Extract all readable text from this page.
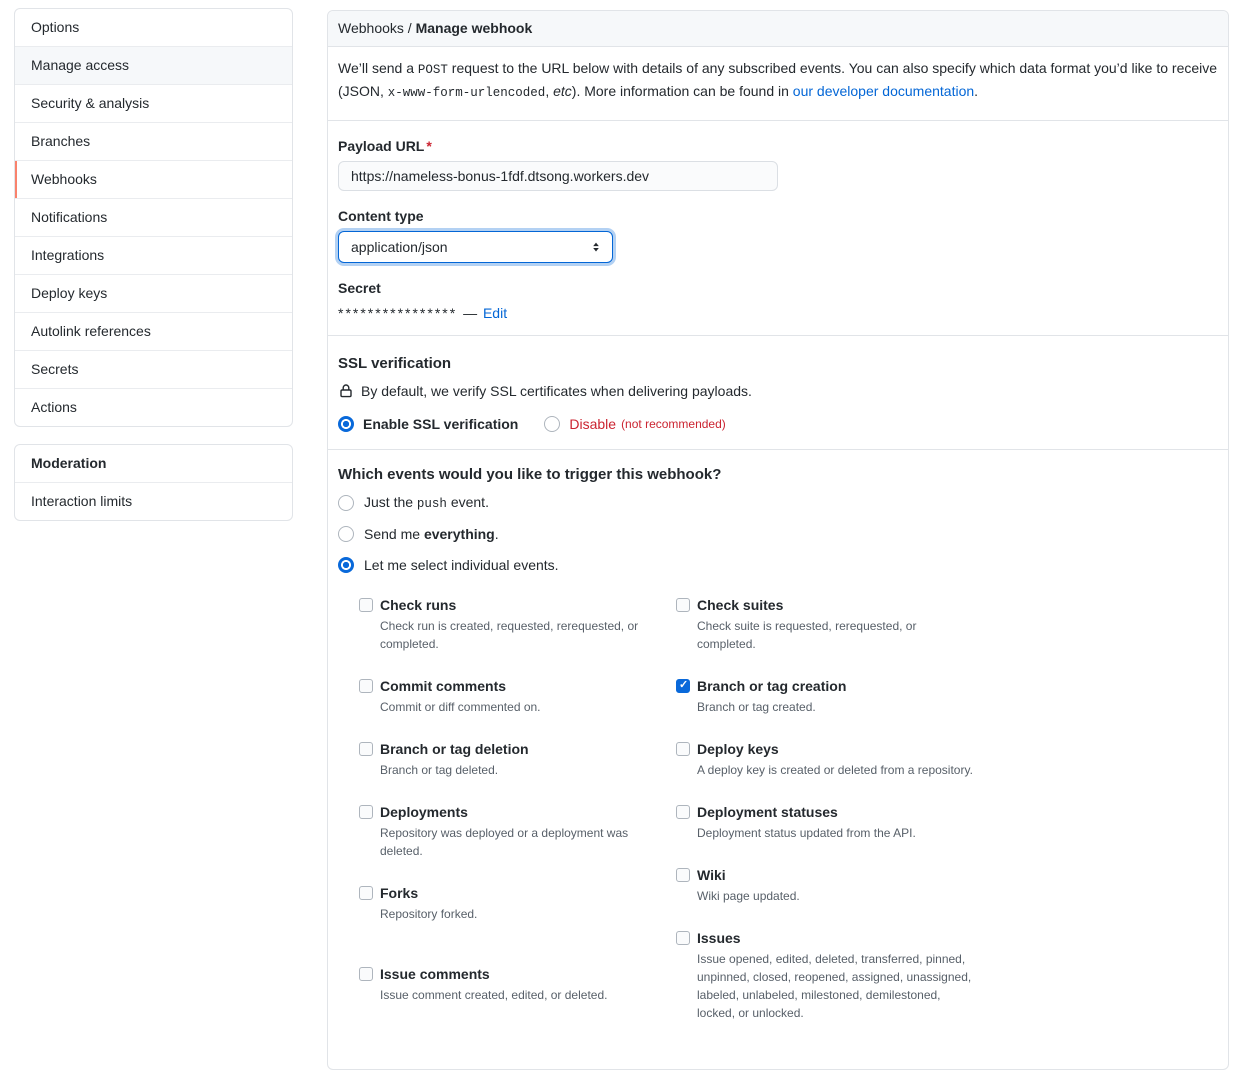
Options
Manage access
Security & analysis
Branches
Webhooks
Notifications
Integrations
Deploy keys
Autolink references
Secrets
Actions
Moderation
Interaction limits
Webhooks / Manage webhook
We’ll send a POST request to the URL below with details of any subscribed events. You can also specify which data format you’d like to receive (JSON, x-www-form-urlencoded, etc). More information can be found in our developer documentation.
Payload URL *
https://nameless-bonus-1fdf.dtsong.workers.dev
Content type
application/json
Secret
**************** — Edit
SSL verification
By default, we verify SSL certificates when delivering payloads.
Enable SSL verification	Disable (not recommended)
Which events would you like to trigger this webhook?
Just the push event.
Send me everything.
Let me select individual events.
Check runs
Check run is created, requested, rerequested, or completed.
Commit comments
Commit or diff commented on.
Branch or tag deletion
Branch or tag deleted.
Deployments
Repository was deployed or a deployment was deleted.
Forks
Repository forked.
Issue comments
Issue comment created, edited, or deleted.
Check suites
Check suite is requested, rerequested, or completed.
✓
Branch or tag creation
Branch or tag created.
Deploy keys
A deploy key is created or deleted from a repository.
Deployment statuses
Deployment status updated from the API.
Wiki
Wiki page updated.
Issues
Issue opened, edited, deleted, transferred, pinned, unpinned, closed, reopened, assigned, unassigned, labeled, unlabeled, milestoned, demilestoned, locked, or unlocked.
